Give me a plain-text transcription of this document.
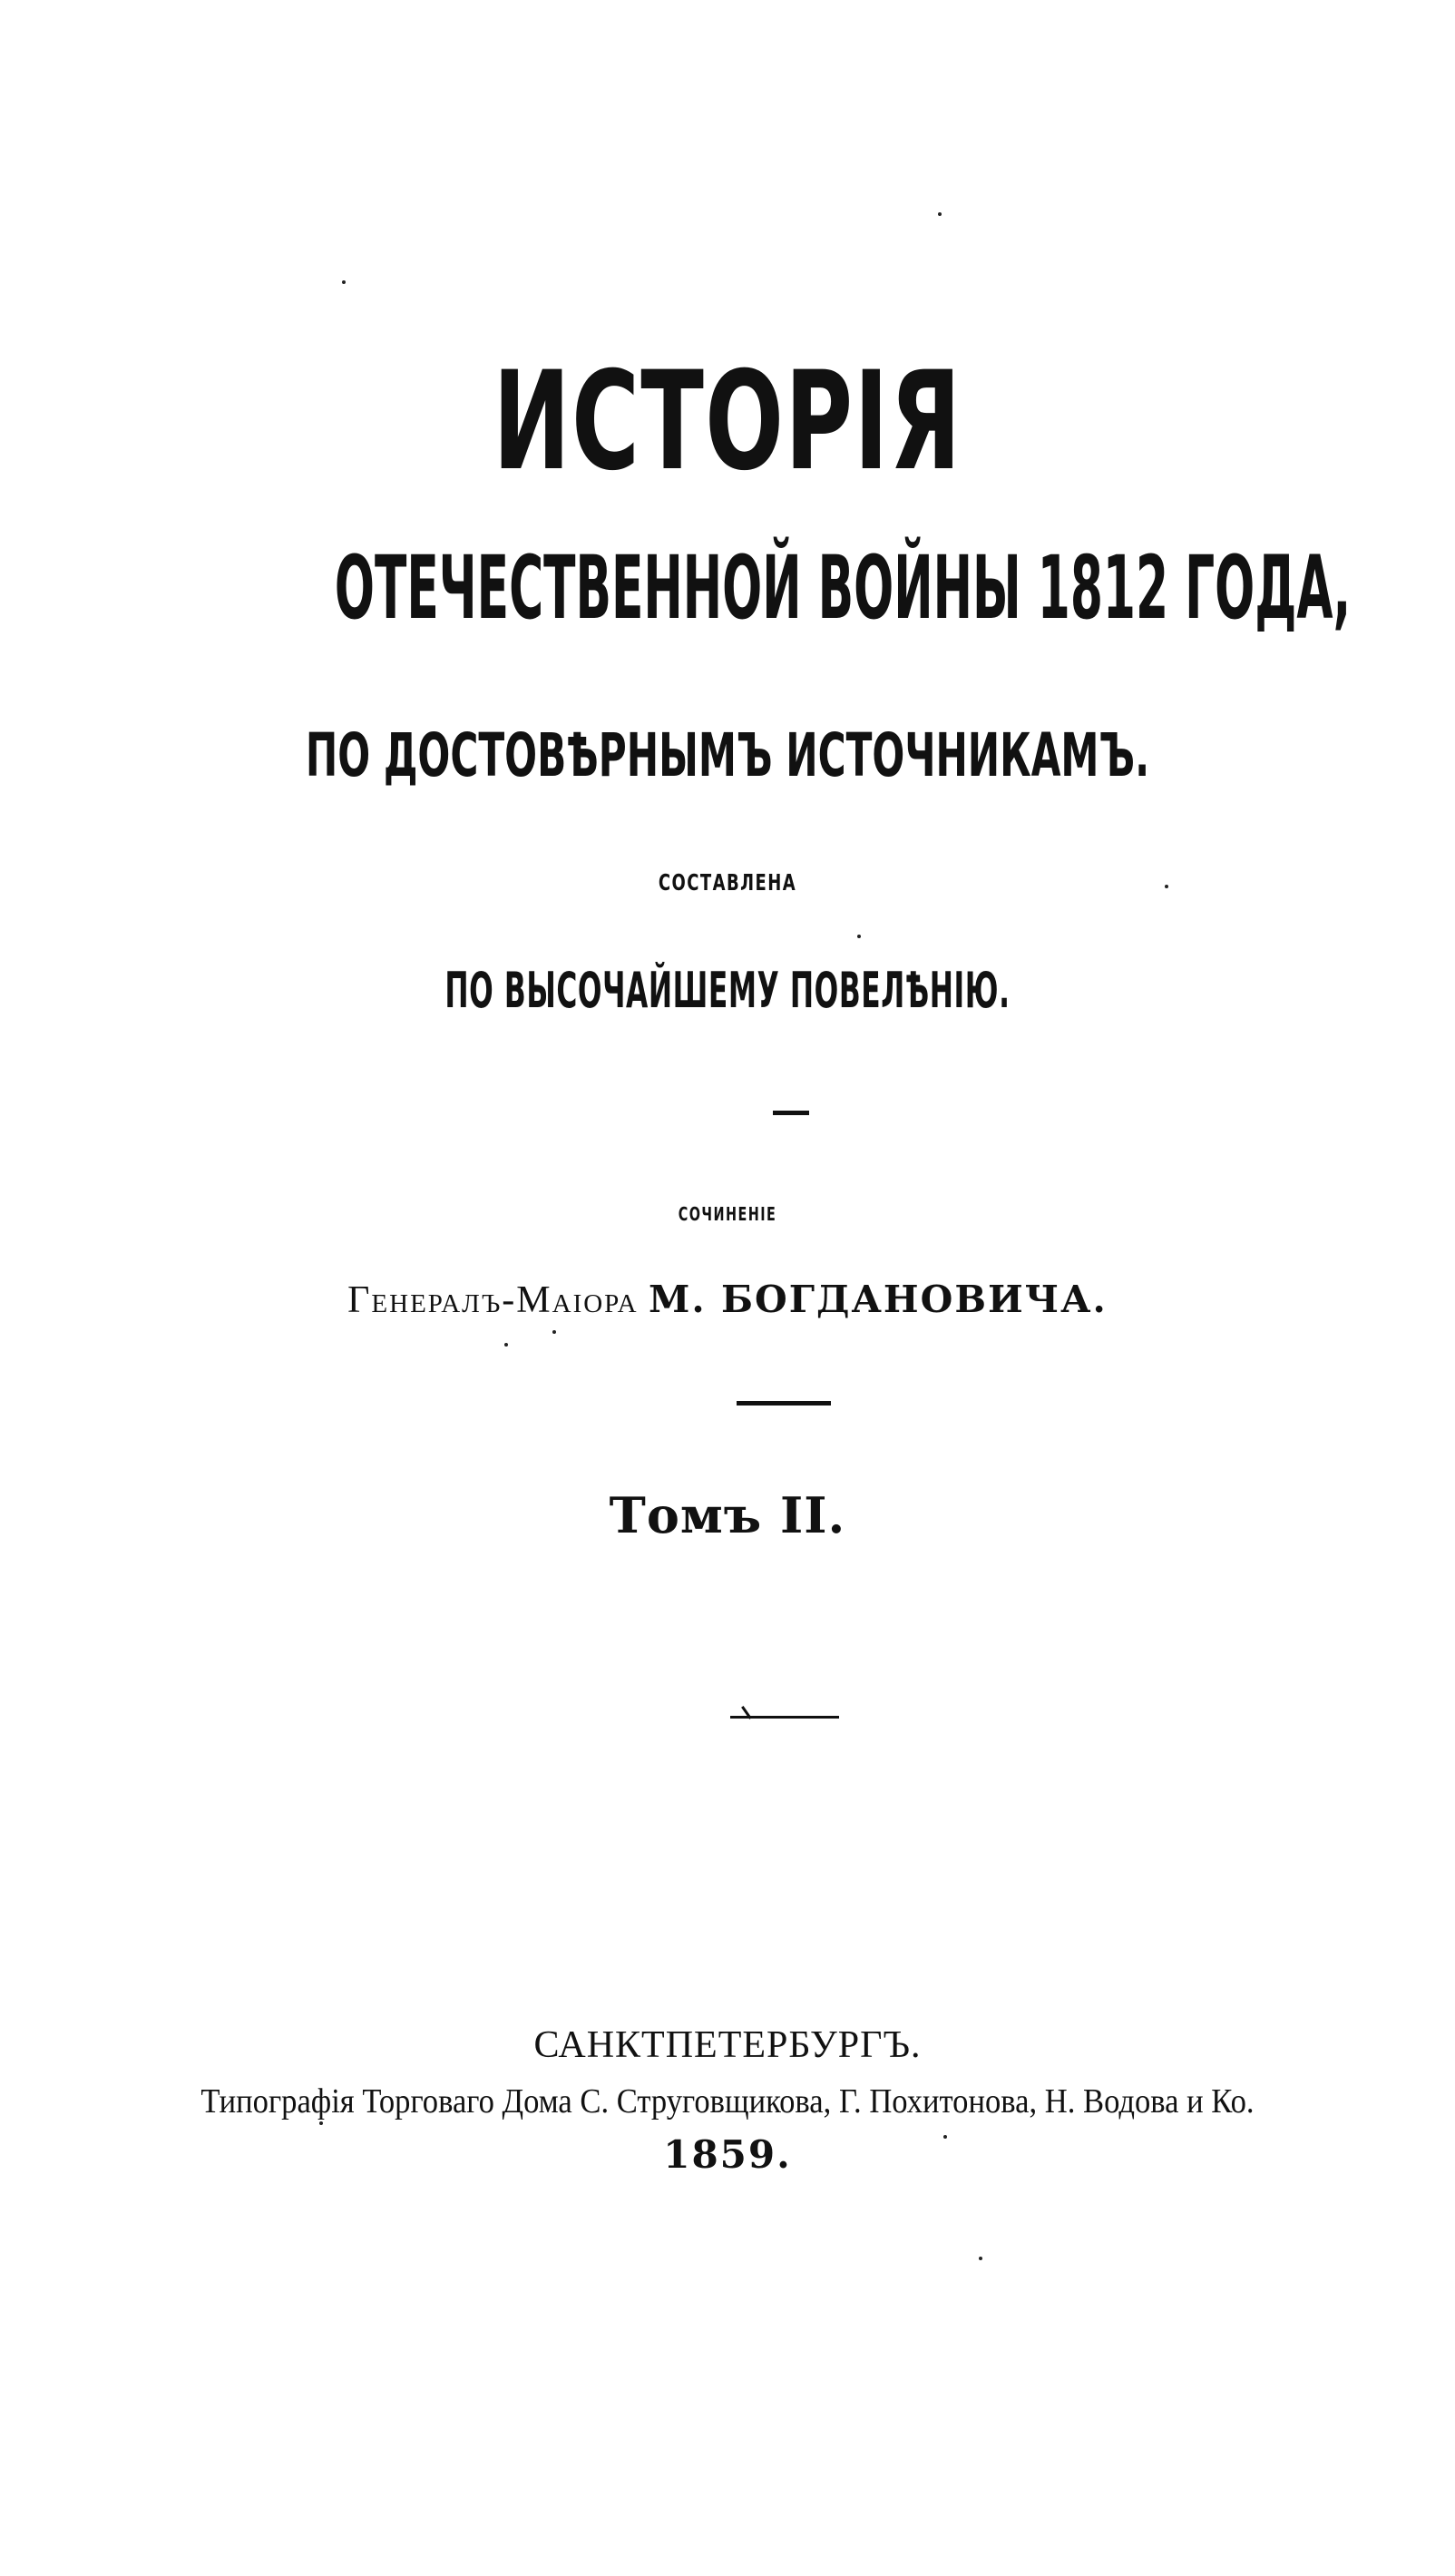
ИСТОРІЯ
ОТЕЧЕСТВЕННОЙ ВОЙНЫ 1812 ГОДА,
ПО ДОСТОВѢРНЫМЪ ИСТОЧНИКАМЪ.
СОСТАВЛЕНА
ПО ВЫСОЧАЙШЕМУ ПОВЕЛѢНІЮ.
СОЧИНЕНІЕ
Генералъ-Маіора М. БОГДАНОВИЧА.
Томъ II.
САНКТПЕТЕРБУРГЪ.
Типографія Торговаго Дома С. Струговщикова, Г. Похитонова, Н. Водова и Ко.
1859.
